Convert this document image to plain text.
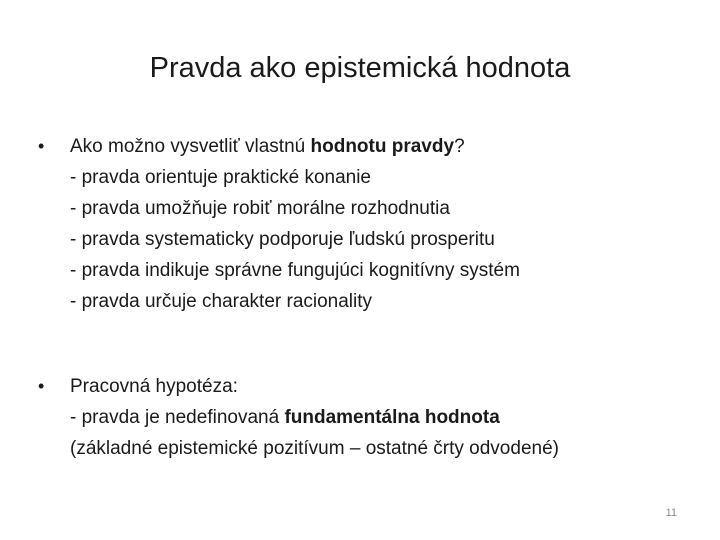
Pravda ako epistemická hodnota
•	Ako možno vysvetliť vlastnú hodnotu pravdy?
- pravda orientuje praktické konanie
- pravda umožňuje robiť morálne rozhodnutia
- pravda systematicky podporuje ľudskú prosperitu
- pravda indikuje správne fungujúci kognitívny systém
- pravda určuje charakter racionality
•	Pracovná hypotéza:
- pravda je nedefinovaná fundamentálna hodnota
(základné epistemické pozitívum – ostatné črty odvodené)
11
